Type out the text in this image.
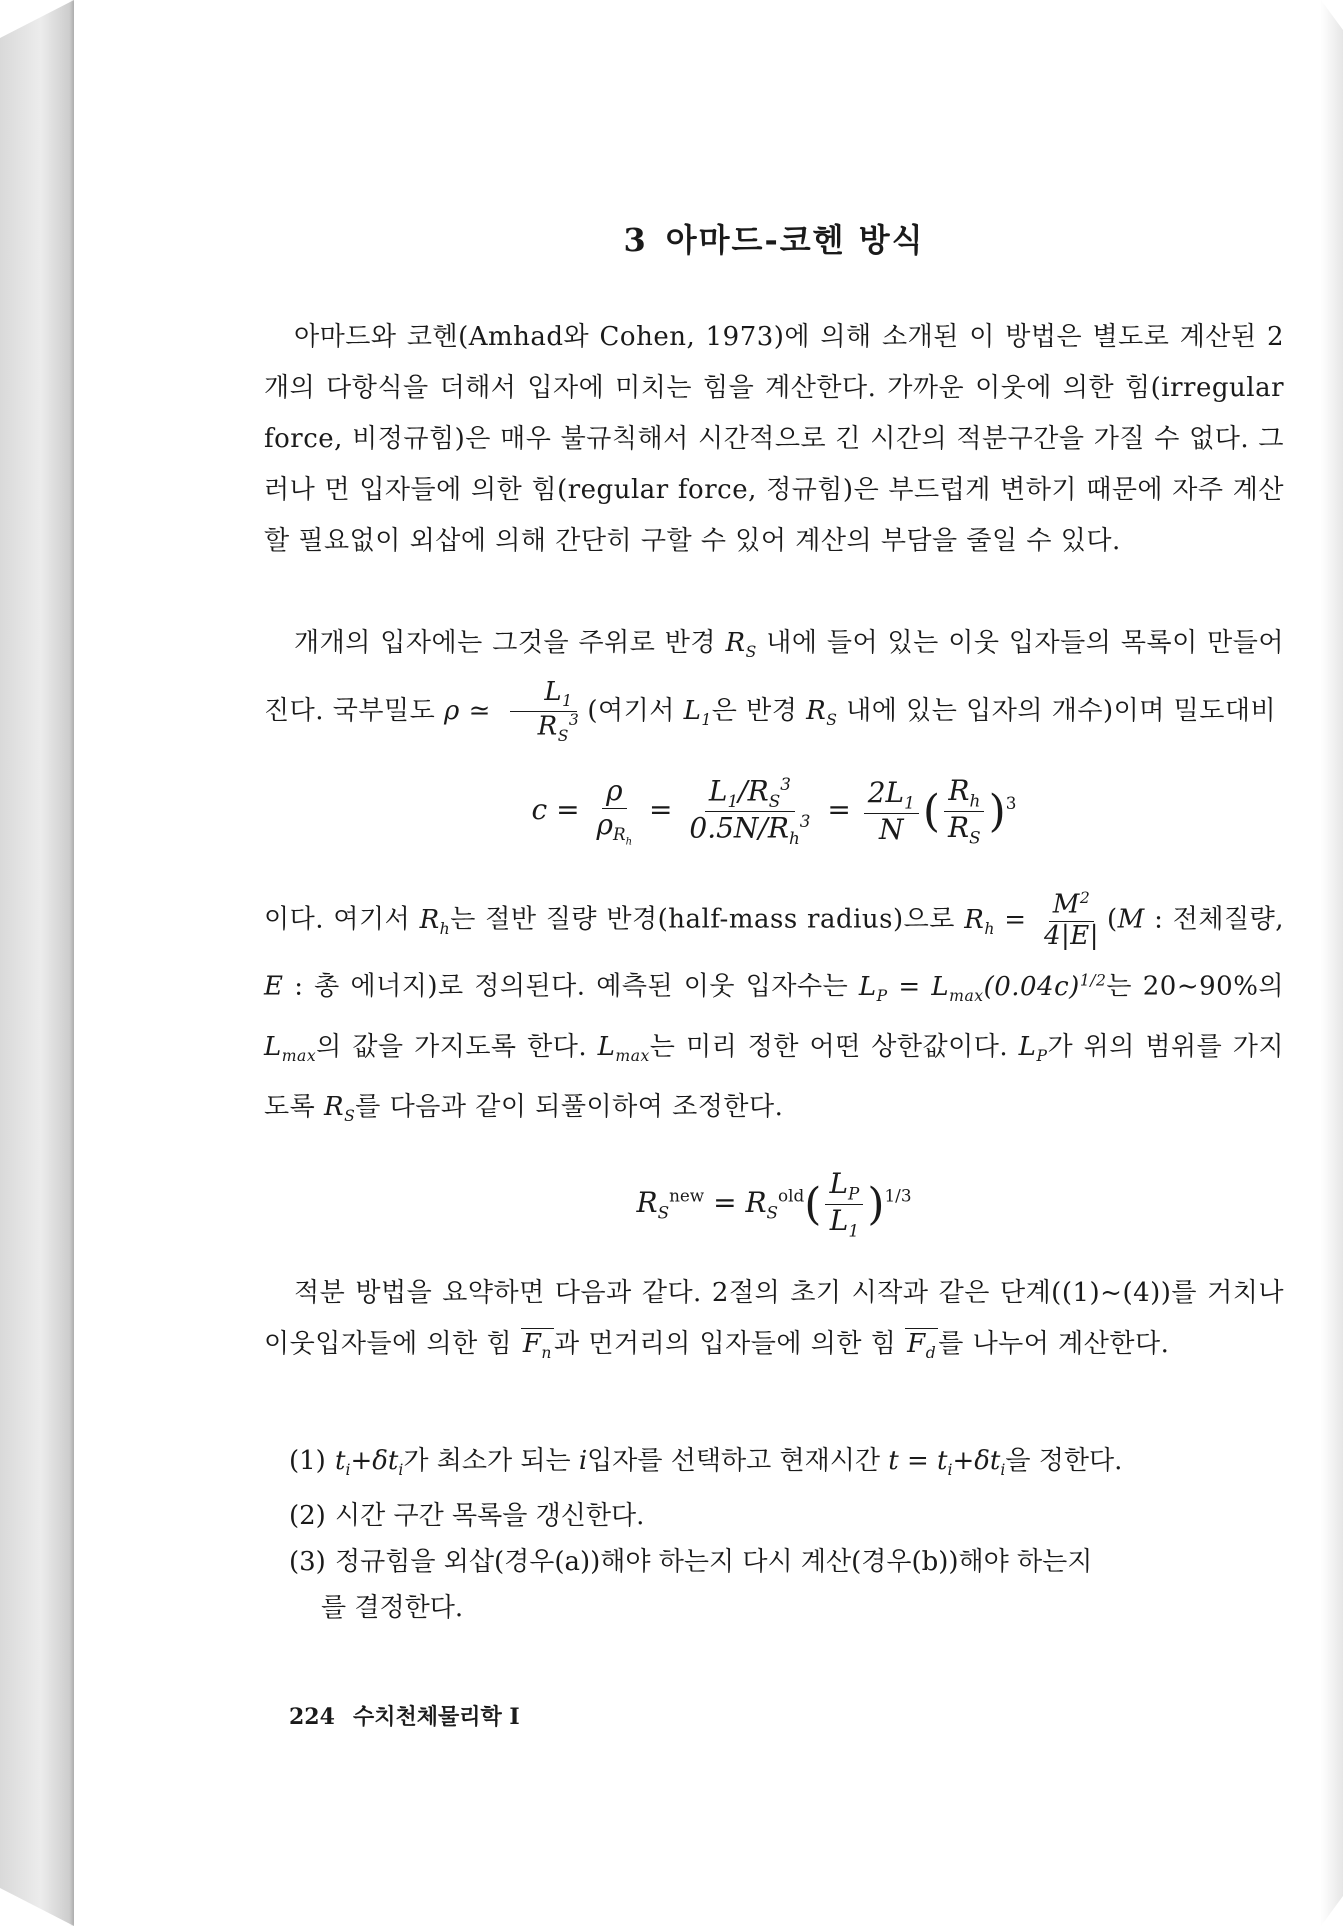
3 아마드-코헨 방식

아마드와 코헨(Amhad와 Cohen, 1973)에 의해 소개된 이 방법은 별도로 계산된 2개의 다항식을 더해서 입자에 미치는 힘을 계산한다. 가까운 이웃에 의한 힘(irregular force, 비정규힘)은 매우 불규칙해서 시간적으로 긴 시간의 적분구간을 가질 수 없다. 그러나 먼 입자들에 의한 힘(regular force, 정규힘)은 부드럽게 변하기 때문에 자주 계산할 필요없이 외삽에 의해 간단히 구할 수 있어 계산의 부담을 줄일 수 있다.

개개의 입자에는 그것을 주위로 반경 $R_S$ 내에 들어 있는 이웃 입자들의 목록이 만들어진다. 국부밀도 ρ ≃ $\frac{L_1}{R_S^3}$ (여기서 $L_1$은 반경 $R_S$ 내에 있는 입자의 개수)이며 밀도대비

$c = \frac{\rho}{\rho_{R_h}} = \frac{L_1/R_S^3}{0.5N/R_h^3} = \frac{2L_1}{N}$ ( $\frac{R_h}{R_S} )^3$

이다. 여기서 $R_h$는 절반 질량 반경(half-mass radius)으로 $R_h = \frac{M^2}{4|E|} (M$ : 전체질량, E : 총 에너지)로 정의된다. 예측된 이웃 입자수는 $L_P = L_{max}(0.04c)^{1/2}$는 20~90%의 $L_{max}$의 값을 가지도록 한다. $L_{max}$는 미리 정한 어떤 상한값이다. $L_P$가 위의 범위를 가지도록 $R_S$를 다음과 같이 되풀이하여 조정한다.

$R_S^{new} = R_S^{old}( \frac{L_P}{L_1} )^{1/3}$

적분 방법을 요약하면 다음과 같다. 2절의 초기 시작과 같은 단계((1)~(4))를 거치나 이웃입자들에 의한 힘 $F_n$과 먼거리의 입자들에 의한 힘 $F_d$를 나누어 계산한다.

(1) $t_i+\delta t_i$가 최소가 되는 i입자를 선택하고 현재시간 $t = t_i+\delta t_i$을 정한다.
(2) 시간 구간 목록을 갱신한다.
(3) 정규힘을 외삽(경우(a))해야 하는지 다시 계산(경우(b))해야 하는지
를 결정한다.
224 수치천체물리학 Ⅰ
